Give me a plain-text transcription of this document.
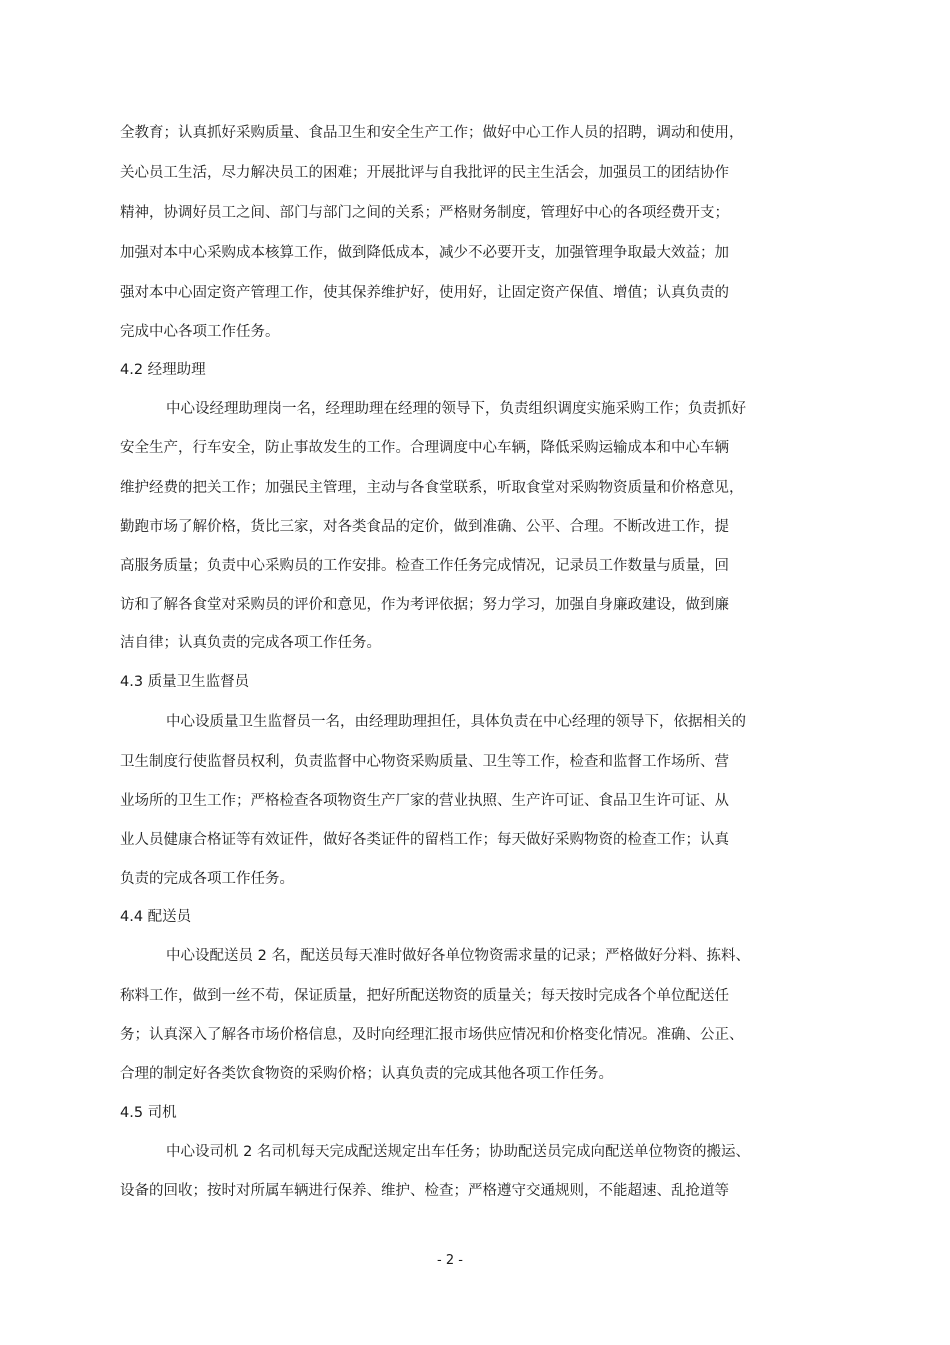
全教育；认真抓好采购质量、食品卫生和安全生产工作；做好中心工作人员的招聘，调动和使用，

关心员工生活，尽力解决员工的困难；开展批评与自我批评的民主生活会，加强员工的团结协作

精神，协调好员工之间、部门与部门之间的关系；严格财务制度，管理好中心的各项经费开支；

加强对本中心采购成本核算工作，做到降低成本，减少不必要开支，加强管理争取最大效益；加

强对本中心固定资产管理工作，使其保养维护好，使用好，让固定资产保值、增值；认真负责的

完成中心各项工作任务。

4.2 经理助理

中心设经理助理岗一名，经理助理在经理的领导下，负责组织调度实施采购工作；负责抓好

安全生产，行车安全，防止事故发生的工作。合理调度中心车辆，降低采购运输成本和中心车辆

维护经费的把关工作；加强民主管理，主动与各食堂联系，听取食堂对采购物资质量和价格意见，

勤跑市场了解价格，货比三家，对各类食品的定价，做到准确、公平、合理。不断改进工作，提

高服务质量；负责中心采购员的工作安排。检查工作任务完成情况，记录员工作数量与质量，回

访和了解各食堂对采购员的评价和意见，作为考评依据；努力学习，加强自身廉政建设，做到廉

洁自律；认真负责的完成各项工作任务。

4.3 质量卫生监督员

中心设质量卫生监督员一名，由经理助理担任，具体负责在中心经理的领导下，依据相关的

卫生制度行使监督员权利，负责监督中心物资采购质量、卫生等工作，检查和监督工作场所、营

业场所的卫生工作；严格检查各项物资生产厂家的营业执照、生产许可证、食品卫生许可证、从

业人员健康合格证等有效证件，做好各类证件的留档工作；每天做好采购物资的检查工作；认真

负责的完成各项工作任务。

4.4 配送员

中心设配送员 2 名，配送员每天准时做好各单位物资需求量的记录；严格做好分料、拣料、

称料工作，做到一丝不苟，保证质量，把好所配送物资的质量关；每天按时完成各个单位配送任

务；认真深入了解各市场价格信息，及时向经理汇报市场供应情况和价格变化情况。准确、公正、

合理的制定好各类饮食物资的采购价格；认真负责的完成其他各项工作任务。

4.5 司机

中心设司机 2 名司机每天完成配送规定出车任务；协助配送员完成向配送单位物资的搬运、

设备的回收；按时对所属车辆进行保养、维护、检查；严格遵守交通规则，不能超速、乱抢道等

- 2 -
